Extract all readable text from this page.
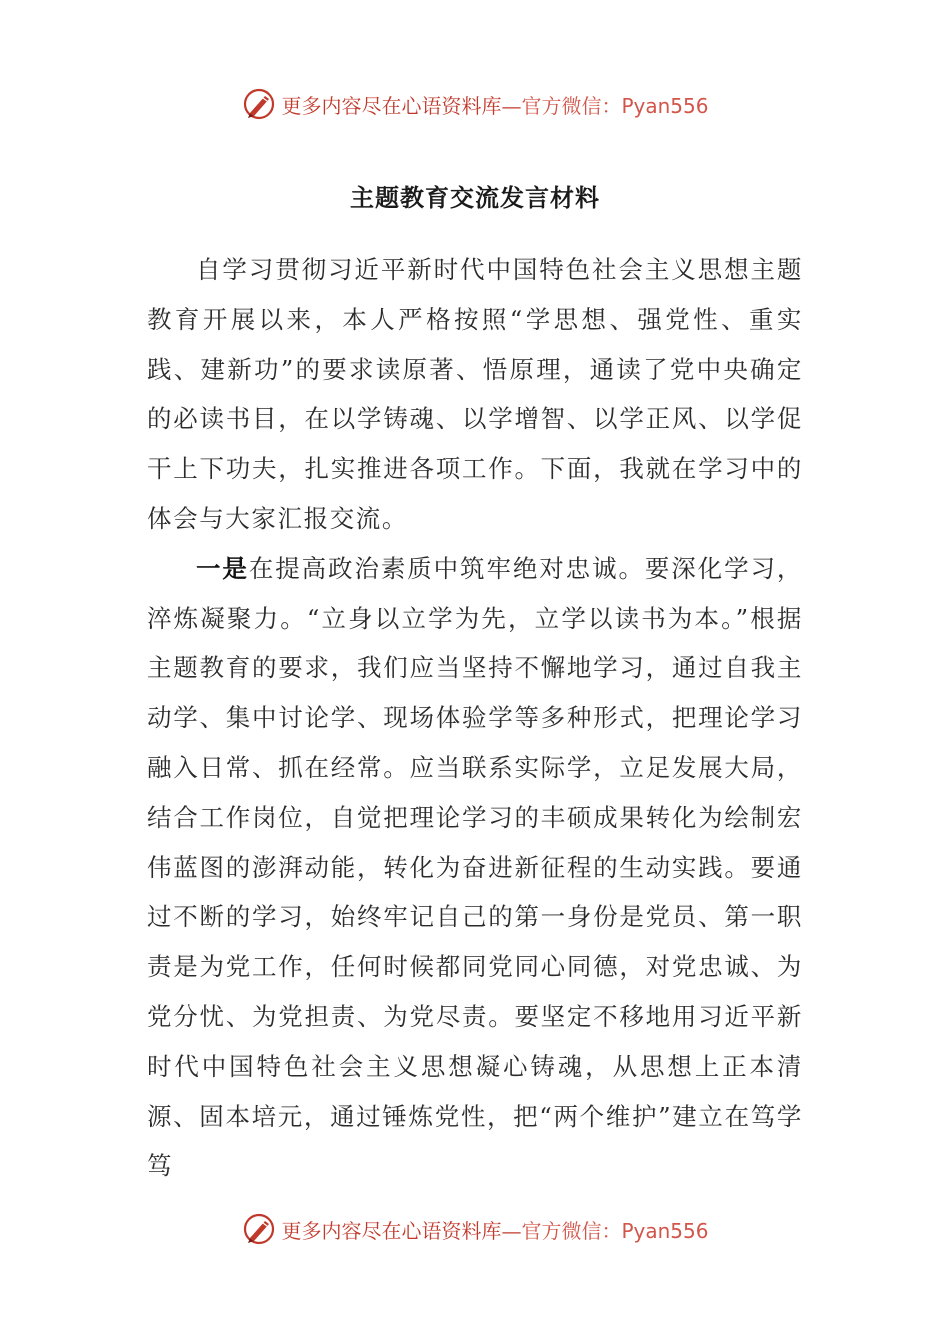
更多内容尽在心语资料库— 官方微信：Pyan556
主题教育交流发言材料

自学习贯彻习近平新时代中国特色社会主义思想主题教育开展以来，本人严格按照“学思想、强党性、重实践、建新功”的要求读原著、悟原理，通读了党中央确定的必读书目，在以学铸魂、以学增智、以学正风、以学促干上下功夫，扎实推进各项工作。下面，我就在学习中的体会与大家汇报交流。

一是在提高政治素质中筑牢绝对忠诚。要深化学习，淬炼凝聚力。“立身以立学为先，立学以读书为本。”根据主题教育的要求，我们应当坚持不懈地学习，通过自我主动学、集中讨论学、现场体验学等多种形式，把理论学习融入日常、抓在经常。应当联系实际学，立足发展大局，结合工作岗位，自觉把理论学习的丰硕成果转化为绘制宏伟蓝图的澎湃动能，转化为奋进新征程的生动实践。要通过不断的学习，始终牢记自己的第一身份是党员、第一职责是为党工作，任何时候都同党同心同德，对党忠诚、为党分忧、为党担责、为党尽责。要坚定不移地用习近平新时代中国特色社会主义思想凝心铸魂，从思想上正本清源、固本培元，通过锤炼党性，把“两个维护”建立在笃学笃

更多内容尽在心语资料库— 官方微信：Pyan556
